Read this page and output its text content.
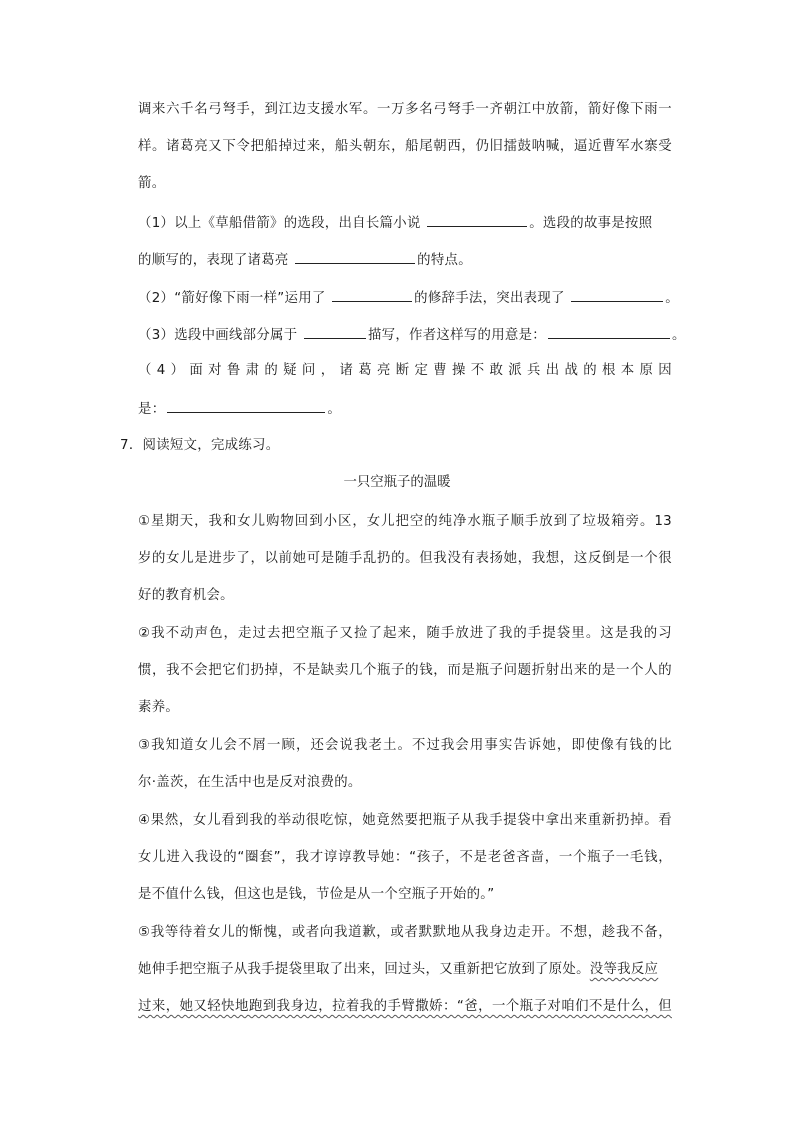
调来六千名弓弩手，到江边支援水军。一万多名弓弩手一齐朝江中放箭，箭好像下雨一
样。诸葛亮又下令把船掉过来，船头朝东，船尾朝西，仍旧擂鼓呐喊，逼近曹军水寨受
箭。
（1）以上《草船借箭》的选段，出自长篇小说	。选段的故事是按照
的顺写的，表现了诸葛亮	的特点。
（2）“箭好像下雨一样”运用了	的修辞手法，突出表现了	。
（3）选段中画线部分属于	描写，作者这样写的用意是：	。
（4）面对鲁肃的疑问，诸葛亮断定曹操不敢派兵出战的根本原因
是：	。
7．阅读短文，完成练习。
一只空瓶子的温暖
①星期天，我和女儿购物回到小区，女儿把空的纯净水瓶子顺手放到了垃圾箱旁。13
岁的女儿是进步了，以前她可是随手乱扔的。但我没有表扬她，我想，这反倒是一个很
好的教育机会。
②我不动声色，走过去把空瓶子又捡了起来，随手放进了我的手提袋里。这是我的习
惯，我不会把它们扔掉，不是缺卖几个瓶子的钱，而是瓶子问题折射出来的是一个人的
素养。
③我知道女儿会不屑一顾，还会说我老土。不过我会用事实告诉她，即使像有钱的比
尔·盖茨，在生活中也是反对浪费的。
④果然，女儿看到我的举动很吃惊，她竟然要把瓶子从我手提袋中拿出来重新扔掉。看
女儿进入我设的“圈套”，我才谆谆教导她：“孩子，不是老爸吝啬，一个瓶子一毛钱，
是不值什么钱，但这也是钱，节俭是从一个空瓶子开始的。”
⑤我等待着女儿的惭愧，或者向我道歉，或者默默地从我身边走开。不想，趁我不备，
她伸手把空瓶子从我手提袋里取了出来，回过头，又重新把它放到了原处。没等我反应
过来，她又轻快地跑到我身边，拉着我的手臂撒娇：“爸，一个瓶子对咱们不是什么，但
